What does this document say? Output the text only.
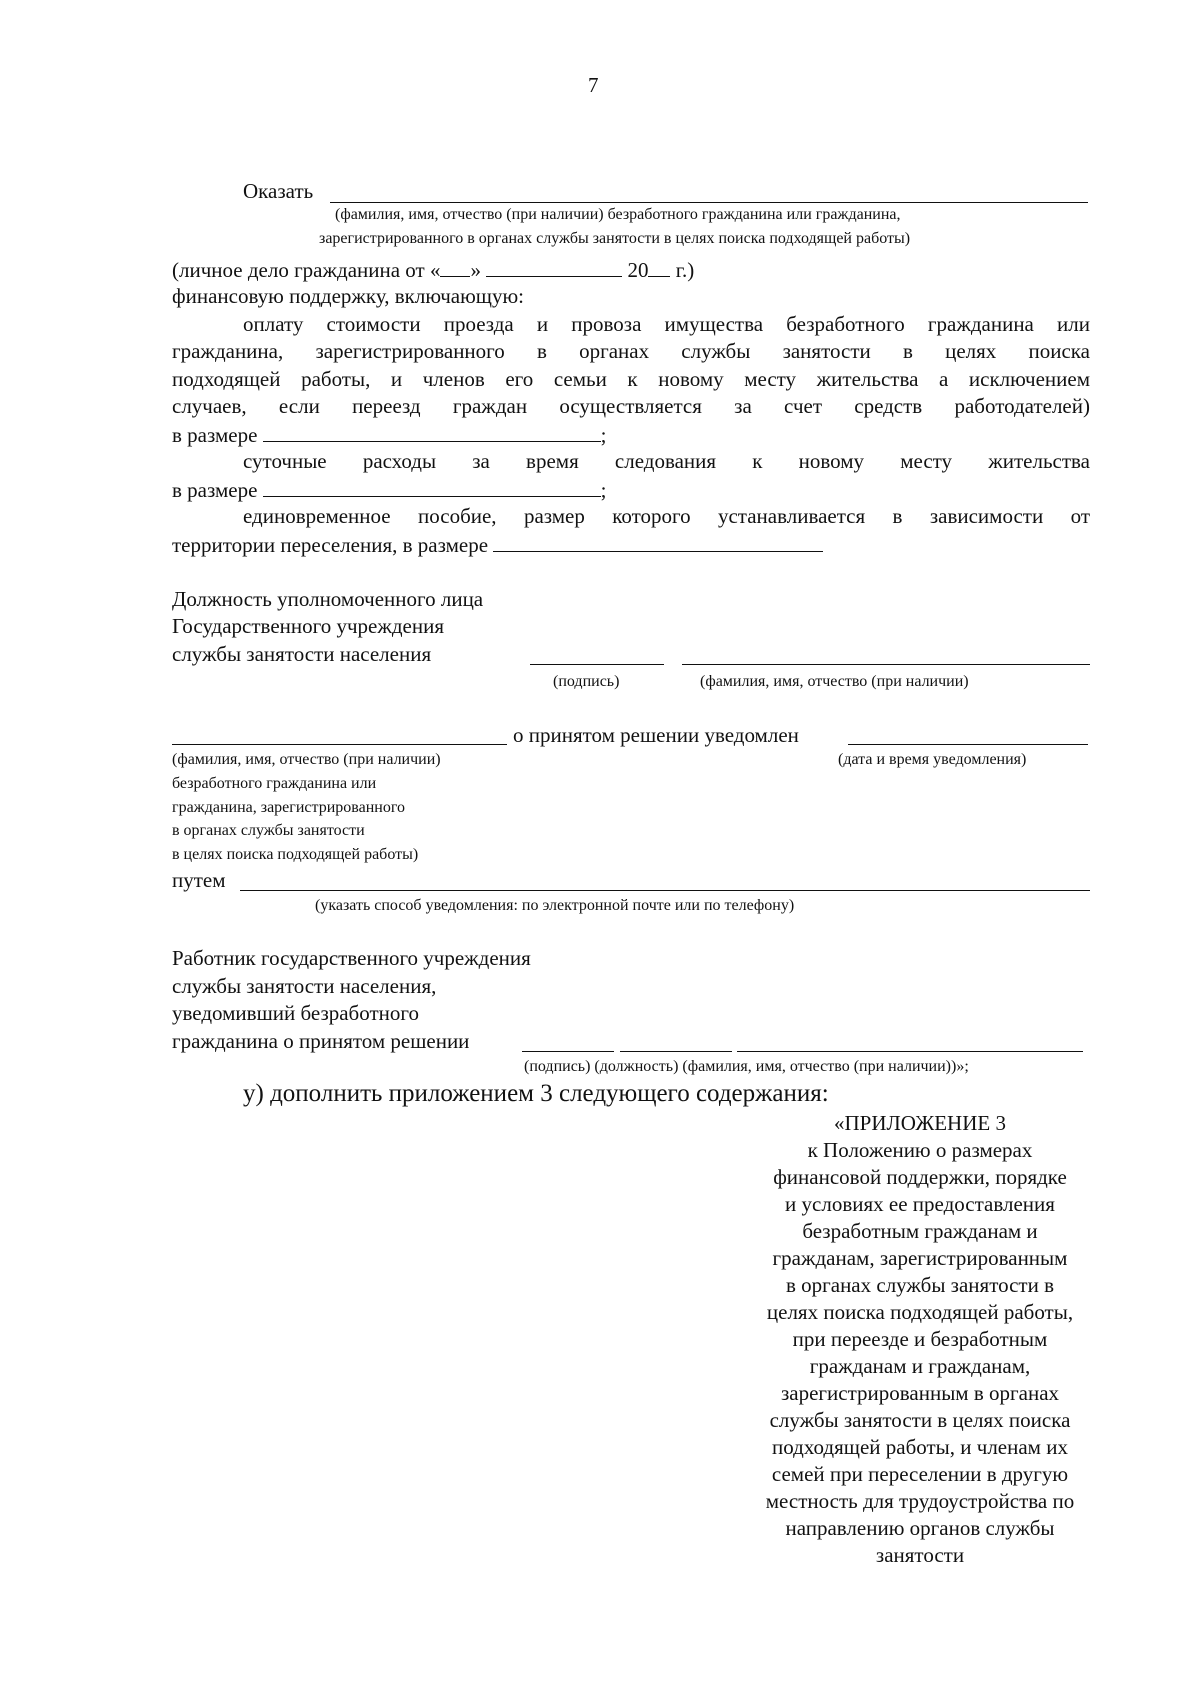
7
Оказать
(фамилия, имя, отчество (при наличии) безработного гражданина или гражданина,
зарегистрированного в органах службы занятости в целях поиска подходящей работы)
(личное дело гражданина от « »	20 г.)
финансовую поддержку, включающую:
оплату стоимости проезда и провоза имущества безработного гражданина или
гражданина, зарегистрированного в органах службы занятости в целях поиска
подходящей работы, и членов его семьи к новому месту жительства а исключением
случаев, если переезд граждан осуществляется за счет средств работодателей)
в размере	;
суточные расходы за время следования к новому месту жительства
в размере	;
единовременное пособие, размер которого устанавливается в зависимости от
территории переселения, в размере
Должность уполномоченного лица
Государственного учреждения
службы занятости населения
(подпись)	(фамилия, имя, отчество (при наличии)
о принятом решении уведомлен
(фамилия, имя, отчество (при наличии)
безработного гражданина или
гражданина, зарегистрированного
в органах службы занятости
в целях поиска подходящей работы)
(дата и время уведомления)
путем
(указать способ уведомления: по электронной почте или по телефону)
Работник государственного учреждения
службы занятости населения,
уведомивший безработного
гражданина о принятом решении
(подпись) (должность) (фамилия, имя, отчество (при наличии))»;
у) дополнить приложением 3 следующего содержания:
«ПРИЛОЖЕНИЕ 3
к Положению о размерах
финансовой поддержки, порядке
и условиях ее предоставления
безработным гражданам и
гражданам, зарегистрированным
в органах службы занятости в
целях поиска подходящей работы,
при переезде и безработным
гражданам и гражданам,
зарегистрированным в органах
службы занятости в целях поиска
подходящей работы, и членам их
семей при переселении в другую
местность для трудоустройства по
направлению органов службы
занятости
